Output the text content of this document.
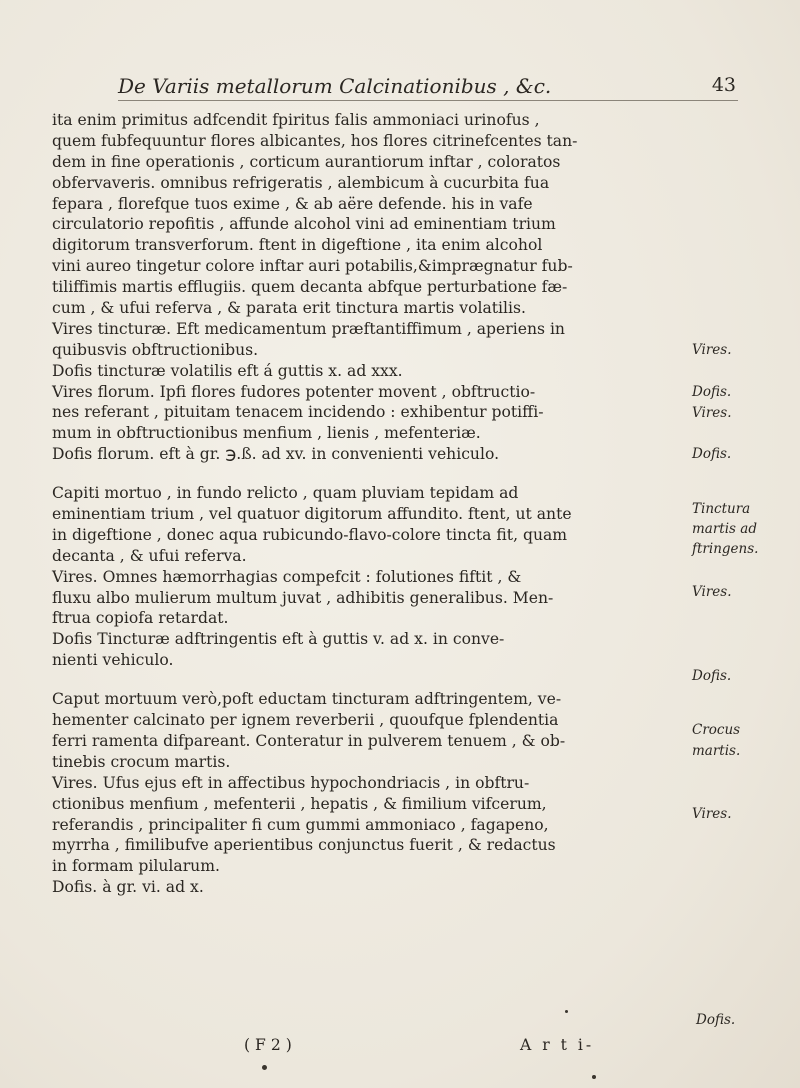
De Variis metallorum Calcinationibus , &c.	43
ita enim primitus adfcendit fpiritus falis ammoniaci urinofus ,
quem fubfequuntur flores albicantes, hos flores citrinefcentes tan-
dem in fine operationis , corticum aurantiorum inftar , coloratos
obfervaveris. omnibus refrigeratis , alembicum à cucurbita fua
fepara , florefque tuos exime , & ab aëre defende. his in vafe
circulatorio repofitis , affunde alcohol vini ad eminentiam trium
digitorum transverforum. ftent in digeftione , ita enim alcohol
vini aureo tingetur colore inftar auri potabilis,&imprægnatur fub-
tiliffimis martis efflugiis. quem decanta abfque perturbatione fæ-
cum , & ufui referva , & parata erit tinctura martis volatilis.
Vires tincturæ. Eft medicamentum præftantiffimum , aperiens in
quibusvis obftructionibus.
Dofis tincturæ volatilis eft á guttis x. ad xxx.
Vires florum. Ipfi flores fudores potenter movent , obftructio-
nes referant , pituitam tenacem incidendo : exhibentur potiffi-
mum in obftructionibus menfium , lienis , mefenteriæ.
Dofis florum. eft à gr. ℈.ß. ad xv. in convenienti vehiculo.
Capiti mortuo , in fundo relicto , quam pluviam tepidam ad
eminentiam trium , vel quatuor digitorum affundito. ftent, ut ante
in digeftione , donec aqua rubicundo-flavo-colore tincta fit, quam
decanta , & ufui referva.
Vires. Omnes hæmorrhagias compefcit : folutiones fiftit , &
fluxu albo mulierum multum juvat , adhibitis generalibus. Men-
ftrua copiofa retardat.
Dofis Tincturæ adftringentis eft à guttis v. ad x. in conve-
nienti vehiculo.
Caput mortuum verò,poft eductam tincturam adftringentem, ve-
hementer calcinato per ignem reverberii , quoufque fplendentia
ferri ramenta difpareant. Conteratur in pulverem tenuem , & ob-
tinebis crocum martis.
Vires. Ufus ejus eft in affectibus hypochondriacis , in obftru-
ctionibus menfium , mefenterii , hepatis , & fimilium vifcerum,
referandis , principaliter fi cum gummi ammoniaco , fagapeno,
myrrha , fimilibufve aperientibus conjunctus fuerit , & redactus
in formam pilularum.
Dofis. à gr. vi. ad x.
Vires.
Dofis.
Vires.
Dofis.
Tinctura
martis ad
ftringens.
Vires.
Dofis.
Crocus
martis.
Vires.
Dofis.
( F 2 )	A r t i-
